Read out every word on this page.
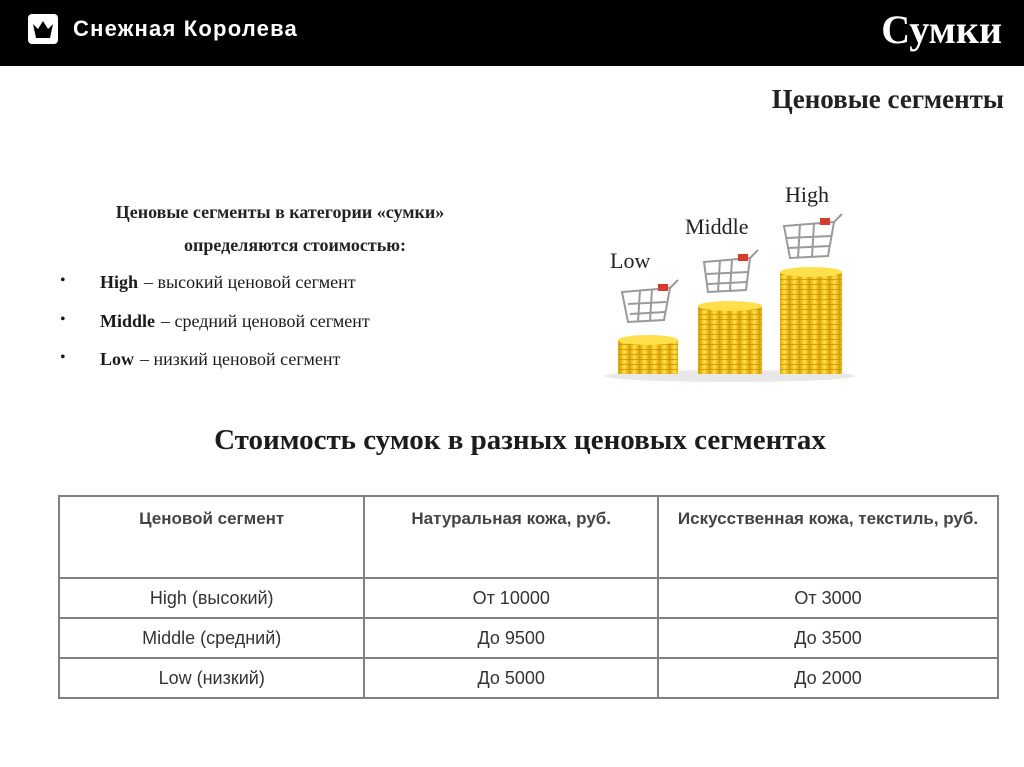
Снежная Королева	Сумки
Ценовые сегменты
Ценовые сегменты в категории «сумки»
определяются стоимостью:
•	High – высокий ценовой сегмент
•	Middle – средний ценовой сегмент
•	Low – низкий ценовой сегмент
Low
Middle
High
Стоимость сумок в разных ценовых сегментах
Ценовой сегмент	Натуральная кожа, руб.	Искусственная кожа, текстиль, руб.
High (высокий)	От 10000	От 3000
Middle (средний)	До 9500	До 3500
Low (низкий)	До 5000	До 2000
